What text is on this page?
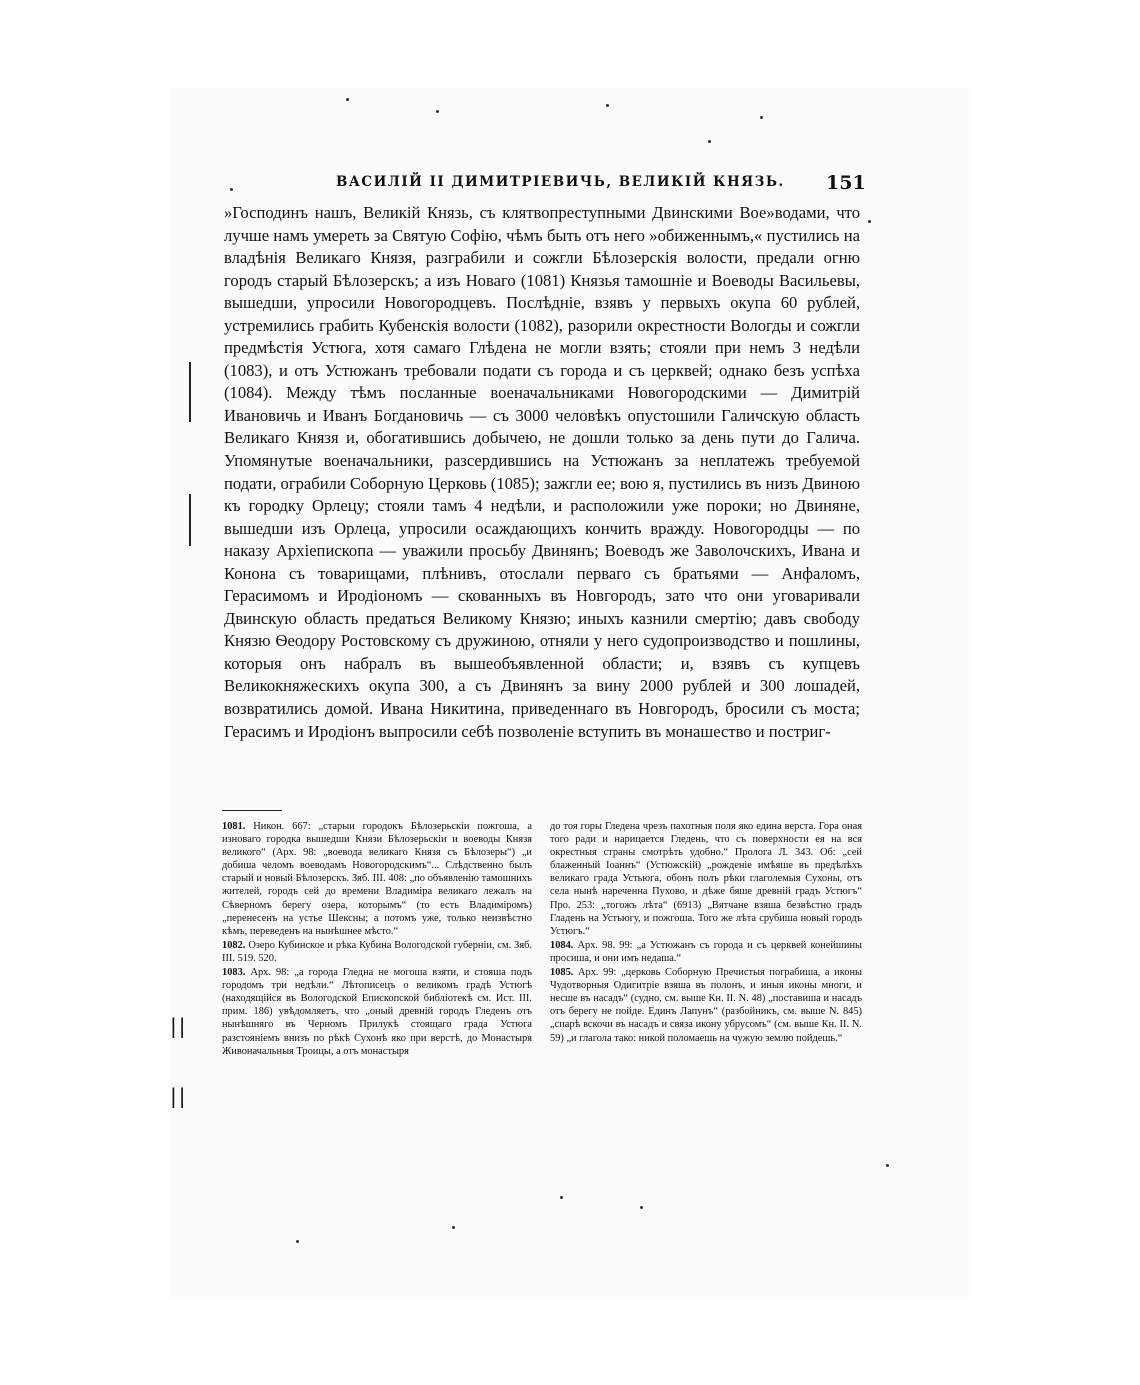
ВАСИЛІЙ II ДИМИТРІЕВИЧЬ, ВЕЛИКІЙ КНЯЗЬ.	151

»Господинъ нашъ, Великій Князь, съ клятвопреступными Двинскими Вое»водами, что лучше намъ умереть за Святую Софію, чѣмъ быть отъ него »обиженнымъ,« пустились на владѣнія Великаго Князя, разграбили и сожгли Бѣлозерскія волости, предали огню городъ старый Бѣлозерскъ; а изъ Новаго (1081) Князья тамошніе и Воеводы Васильевы, вышедши, упросили Новогородцевъ. Послѣдніе, взявъ у первыхъ окупа 60 рублей, устремились грабить Кубенскія волости (1082), разорили окрестности Вологды и сожгли предмѣстія Устюга, хотя самаго Глѣдена не могли взять; стояли при немъ 3 недѣли (1083), и отъ Устюжанъ требовали подати съ города и съ церквей; однако безъ успѣха (1084). Между тѣмъ посланные военачальниками Новогородскими — Димитрій Ивановичь и Иванъ Богдановичь — съ 3000 человѣкъ опустошили Галичскую область Великаго Князя и, обогатившись добычею, не дошли только за день пути до Галича. Упомянутые военачальники, разсердившись на Устюжанъ за неплатежъ требуемой подати, ограбили Соборную Церковь (1085); зажгли ее; вою я, пустились въ низъ Двиною къ городку Орлецу; стояли тамъ 4 недѣли, и расположили уже пороки; но Двиняне, вышедши изъ Орлеца, упросили осаждающихъ кончить вражду. Новогородцы — по наказу Архіепископа — уважили просьбу Двинянъ; Воеводъ же Заволочскихъ, Ивана и Конона съ товарищами, плѣнивъ, отослали перваго съ братьями — Анфаломъ, Герасимомъ и Иродіономъ — скованныхъ въ Новгородъ, зато что они уговаривали Двинскую область предаться Великому Князю; иныхъ казнили смертію; давъ свободу Князю Ѳеодору Ростовскому съ дружиною, отняли у него судопроизводство и пошлины, которыя онъ набралъ въ вышеобъявленной области; и, взявъ съ купцевъ Великокняжескихъ окупа 300, а съ Двинянъ за вину 2000 рублей и 300 лошадей, возвратились домой. Ивана Никитина, приведеннаго въ Новгородъ, бросили съ моста; Герасимъ и Иродіонъ выпросили себѣ позволеніе вступить въ монашество и постриг-

||
||

1081. Никон. 667: „старыи городокъ Бѣлозерьскіи пожгоша, а изноваго городка вышедши Князи Бѣлозерьскіи и воеводы Князя великого“ (Арх. 98: „воевода великаго Князя съ Бѣлозеры“) „и добиша челомъ воеводамъ Новогородскимъ“... Слѣдственно былъ старый и новый Бѣлозерскъ. Зяб. III. 408: „по объявленію тамошнихъ жителей, городъ сей до времени Владиміра великаго лежалъ на Сѣверномъ берегу озера, которымъ“ (то есть Владиміромъ) „перенесенъ на устье Шексны; а потомъ уже, только неизвѣстно кѣмъ, переведенъ на нынѣшнее мѣсто.“

1082. Озеро Кубинское и рѣка Кубина Вологодской губерніи, см. Зяб. III. 519. 520.

1083. Арх. 98: „а города Гледна не могоша взяти, и стояша подъ городомъ три недѣли.“ Лѣтописецъ о великомъ градѣ Устюгѣ (находящійся въ Вологодской Епископской библіотекѣ см. Ист. III. прим. 186) увѣдомляетъ, что „оный древній городъ Гледенъ отъ нынѣшняго въ Черномъ Прилукѣ стоящаго града Устюга разстояніемъ внизъ по рѣкѣ Сухонѣ яко при верстѣ, до Монастыря Живоначальныя Троицы, а отъ монастыря

до тоя горы Гледена чрезъ пахотныя поля яко едина верста. Гора оная того ради и нарицается Гледень, что съ поверхности ея на вся окрестныя страны смотрѣть удобно.“ Пролога Л. 343. Об: „сей блаженный Іоаннъ“ (Устюжскій) „рожденіе имѣяше въ предѣлѣхъ великаго града Устьюга, обонъ полъ рѣки глаголемыя Сухоны, отъ села нынѣ нареченна Пухово, и дѣже бяше древній градъ Устюгъ“ Про. 253: „тогожъ лѣта“ (6913) „Вятчане взяша безвѣстно градъ Гладень на Устьюгу, и пожгоша. Того же лѣта срубиша новый городъ Устюгъ.“

1084. Арх. 98. 99: „а Устюжанъ съ города и съ церквей конейшины просиша, и они имъ недаша.“

1085. Арх. 99: „церковь Соборную Пречистыя пограбиша, а иконы Чудотворныя Одигитріе взяша въ полонъ, и иныя иконы многи, и несше въ насадъ“ (судно, см. выше Кн. II. N. 48) „поставиша и насадъ отъ берегу не пойде. Единъ Лапунъ“ (разбойникъ, см. выше N. 845) „спарѣ вскочи въ насадъ и связа икону убрусомъ“ (см. выше Кн. II. N. 59) „и глагола тако: никой поломаешь на чужую землю пойдешь.“
